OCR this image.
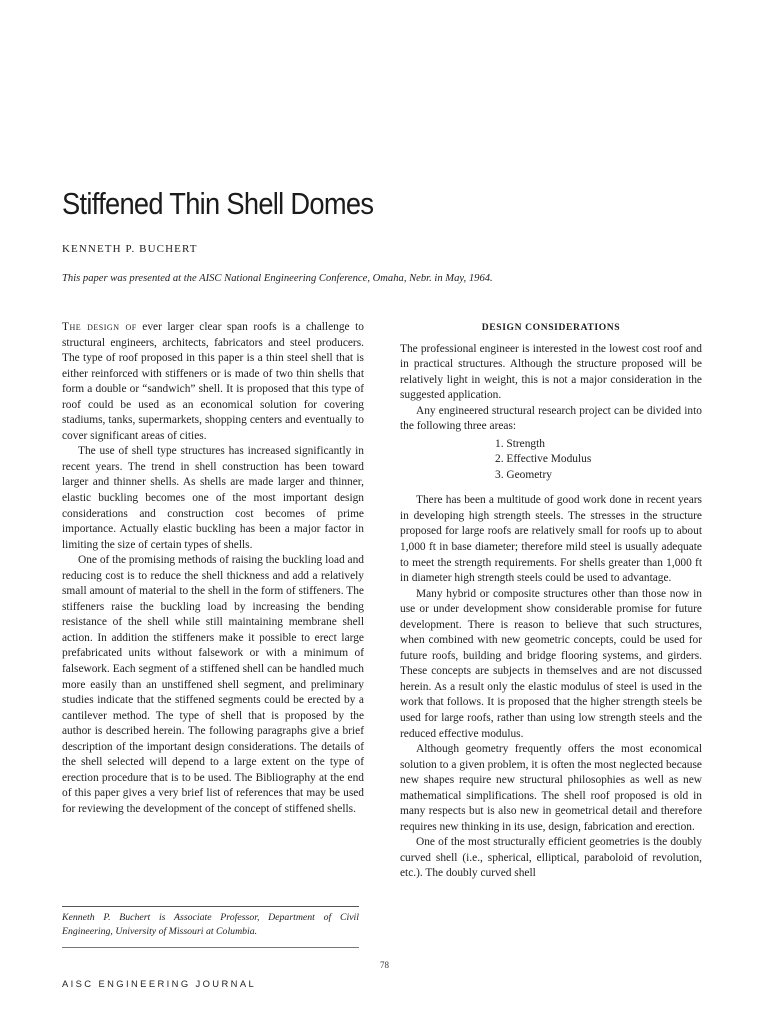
Stiffened Thin Shell Domes
KENNETH P. BUCHERT
This paper was presented at the AISC National Engineering Conference, Omaha, Nebr. in May, 1964.

The design of ever larger clear span roofs is a challenge to structural engineers, architects, fabricators and steel producers. The type of roof proposed in this paper is a thin steel shell that is either reinforced with stiffeners or is made of two thin shells that form a double or “sandwich” shell. It is proposed that this type of roof could be used as an economical solution for covering stadiums, tanks, supermarkets, shopping centers and eventually to cover significant areas of cities.

The use of shell type structures has increased significantly in recent years. The trend in shell construction has been toward larger and thinner shells. As shells are made larger and thinner, elastic buckling becomes one of the most important design considerations and construction cost becomes of prime importance. Actually elastic buckling has been a major factor in limiting the size of certain types of shells.

One of the promising methods of raising the buckling load and reducing cost is to reduce the shell thickness and add a relatively small amount of material to the shell in the form of stiffeners. The stiffeners raise the buckling load by increasing the bending resistance of the shell while still maintaining membrane shell action. In addition the stiffeners make it possible to erect large prefabricated units without falsework or with a minimum of falsework. Each segment of a stiffened shell can be handled much more easily than an unstiffened shell segment, and preliminary studies indicate that the stiffened segments could be erected by a cantilever method. The type of shell that is proposed by the author is described herein. The following paragraphs give a brief description of the important design considerations. The details of the shell selected will depend to a large extent on the type of erection procedure that is to be used. The Bibliography at the end of this paper gives a very brief list of references that may be used for reviewing the development of the concept of stiffened shells.

DESIGN CONSIDERATIONS

The professional engineer is interested in the lowest cost roof and in practical structures. Although the structure proposed will be relatively light in weight, this is not a major consideration in the suggested application.

Any engineered structural research project can be divided into the following three areas:

1. Strength
2. Effective Modulus
3. Geometry

There has been a multitude of good work done in recent years in developing high strength steels. The stresses in the structure proposed for large roofs are relatively small for roofs up to about 1,000 ft in base diameter; therefore mild steel is usually adequate to meet the strength requirements. For shells greater than 1,000 ft in diameter high strength steels could be used to advantage.

Many hybrid or composite structures other than those now in use or under development show considerable promise for future development. There is reason to believe that such structures, when combined with new geometric concepts, could be used for future roofs, building and bridge flooring systems, and girders. These concepts are subjects in themselves and are not discussed herein. As a result only the elastic modulus of steel is used in the work that follows. It is proposed that the higher strength steels be used for large roofs, rather than using low strength steels and the reduced effective modulus.

Although geometry frequently offers the most economical solution to a given problem, it is often the most neglected because new shapes require new structural philosophies as well as new mathematical simplifications. The shell roof proposed is old in many respects but is also new in geometrical detail and therefore requires new thinking in its use, design, fabrication and erection.

One of the most structurally efficient geometries is the doubly curved shell (i.e., spherical, elliptical, paraboloid of revolution, etc.). The doubly curved shell

Kenneth P. Buchert is Associate Professor, Department of Civil Engineering, University of Missouri at Columbia.
78
AISC ENGINEERING JOURNAL
